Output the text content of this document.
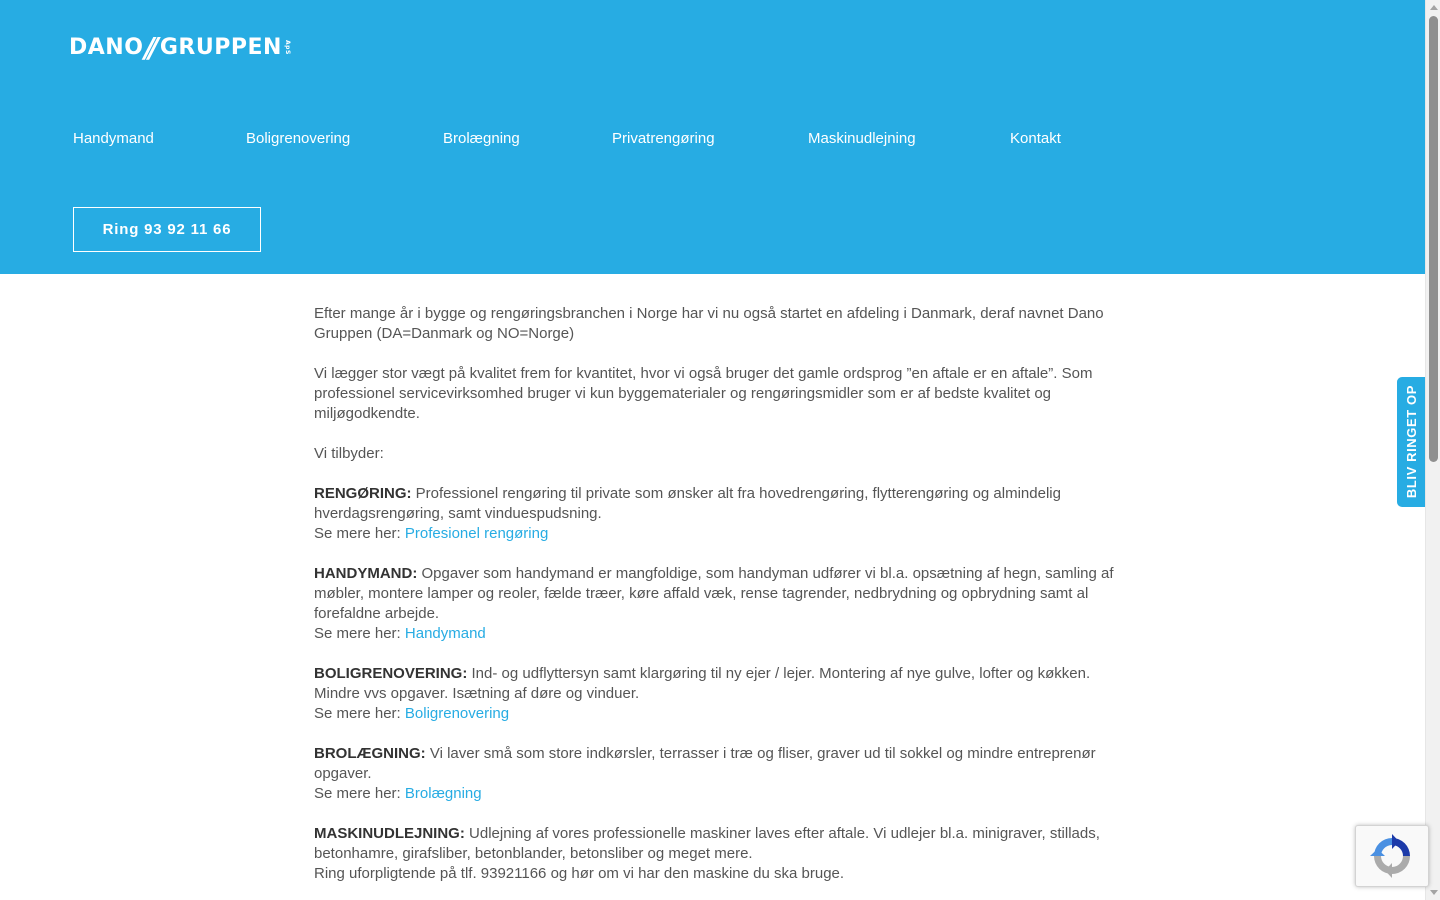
DANO // GRUPPEN ApS
Handymand	Boligrenovering	Brolægning	Privatrengøring	Maskinudlejning	Kontakt
Ring 93 92 11 66

Efter mange år i bygge og rengøringsbranchen i Norge har vi nu også startet en afdeling i Danmark, deraf navnet Dano Gruppen (DA=Danmark og NO=Norge)

Vi lægger stor vægt på kvalitet frem for kvantitet, hvor vi også bruger det gamle ordsprog ”en aftale er en aftale”. Som professionel servicevirksomhed bruger vi kun byggematerialer og rengøringsmidler som er af bedste kvalitet og miljøgodkendte.

Vi tilbyder:

RENGØRING: Professionel rengøring til private som ønsker alt fra hovedrengøring, flytterengøring og almindelig hverdagsrengøring, samt vinduespudsning.
Se mere her: Profesionel rengøring

HANDYMAND: Opgaver som handymand er mangfoldige, som handyman udfører vi bl.a. opsætning af hegn, samling af møbler, montere lamper og reoler, fælde træer, køre affald væk, rense tagrender, nedbrydning og opbrydning samt al forefaldne arbejde.
Se mere her: Handymand

BOLIGRENOVERING: Ind- og udflyttersyn samt klargøring til ny ejer / lejer. Montering af nye gulve, lofter og køkken. Mindre vvs opgaver. Isætning af døre og vinduer.
Se mere her: Boligrenovering

BROLÆGNING: Vi laver små som store indkørsler, terrasser i træ og fliser, graver ud til sokkel og mindre entreprenør opgaver.
Se mere her: Brolægning

MASKINUDLEJNING: Udlejning af vores professionelle maskiner laves efter aftale. Vi udlejer bl.a. minigraver, stillads, betonhamre, girafsliber, betonblander, betonsliber og meget mere.
Ring uforpligtende på tlf. 93921166 og hør om vi har den maskine du ska bruge.

BLIV RINGET OP
